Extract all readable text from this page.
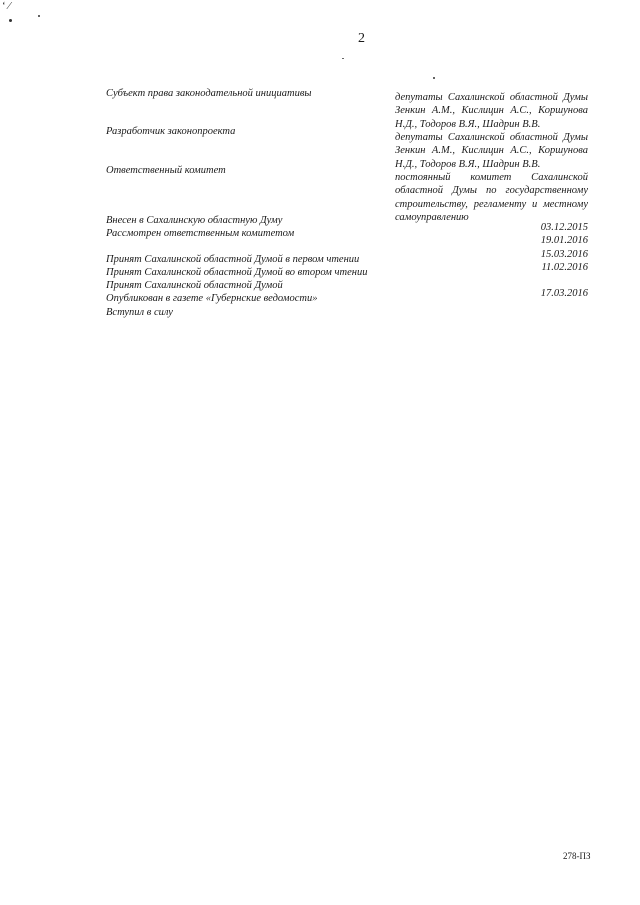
‘ ⁄
2
Субъект права законодательной инициативы	депутаты Сахалинской областной Думы
Зенкин А.М., Кислицин А.С., Коршунова
Н.Д., Тодоров В.Я., Шадрин В.В.
Разработчик законопроекта
депутаты Сахалинской областной Думы
Зенкин А.М., Кислицин А.С., Коршунова
Н.Д., Тодоров В.Я., Шадрин В.В.
Ответственный комитет
постоянный комитет Сахалинской
областной Думы по государственному
строительству, регламенту и местному
самоуправлению
Внесен в Сахалинскую областную Думу
Рассмотрен ответственным комитетом
Принят Сахалинской областной Думой в первом чтении
Принят Сахалинской областной Думой во втором чтении
Принят Сахалинской областной Думой
Опубликован в газете «Губернские ведомости»
Вступил в силу
03.12.2015
19.01.2016
15.03.2016
11.02.2016
17.03.2016
278-ПЗ
